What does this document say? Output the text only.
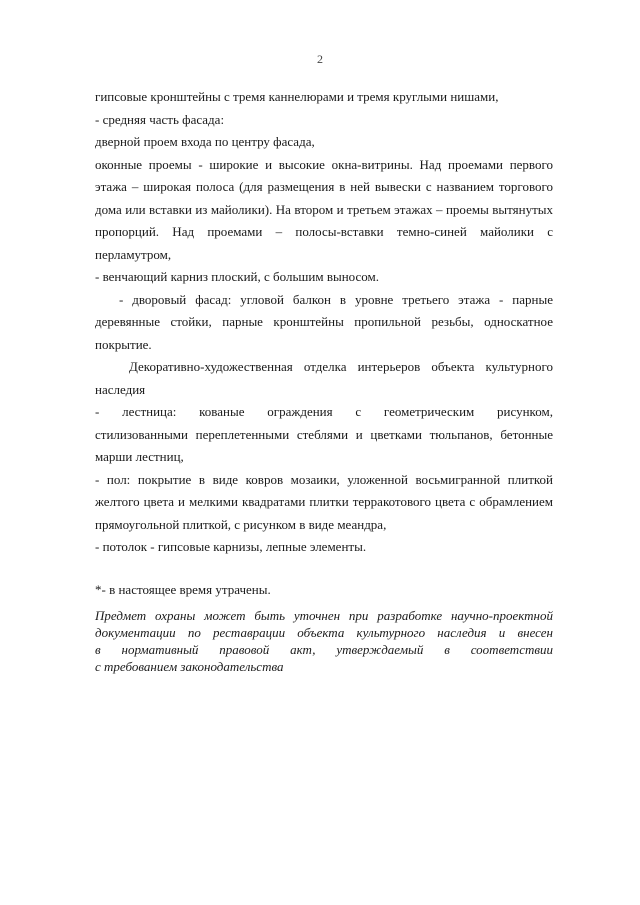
2

гипсовые кронштейны с тремя каннелюрами и тремя круглыми нишами,

- средняя часть фасада:

дверной проем входа по центру фасада,

оконные проемы - широкие и высокие окна-витрины. Над проемами первого этажа – широкая полоса (для размещения в ней вывески с названием торгового дома или вставки из майолики). На втором и третьем этажах – проемы вытянутых пропорций. Над проемами – полосы-вставки темно-синей майолики с перламутром,

- венчающий карниз плоский, с большим выносом.

- дворовый фасад: угловой балкон в уровне третьего этажа - парные деревянные стойки, парные кронштейны пропильной резьбы, односкатное покрытие.

Декоративно-художественная отделка интерьеров объекта культурного наследия

- лестница: кованые ограждения с геометрическим рисунком,

стилизованными переплетенными стеблями и цветками тюльпанов, бетонные марши лестниц,

- пол: покрытие в виде ковров мозаики, уложенной восьмигранной плиткой желтого цвета и мелкими квадратами плитки терракотового цвета с обрамлением прямоугольной плиткой, с рисунком в виде меандра,

- потолок - гипсовые карнизы, лепные элементы.

*- в настоящее время утрачены.

Предмет охраны может быть уточнен при разработке научно-проектной
документации по реставрации объекта культурного наследия и внесен
в нормативный правовой акт, утверждаемый в соответствии
с требованием законодательства
